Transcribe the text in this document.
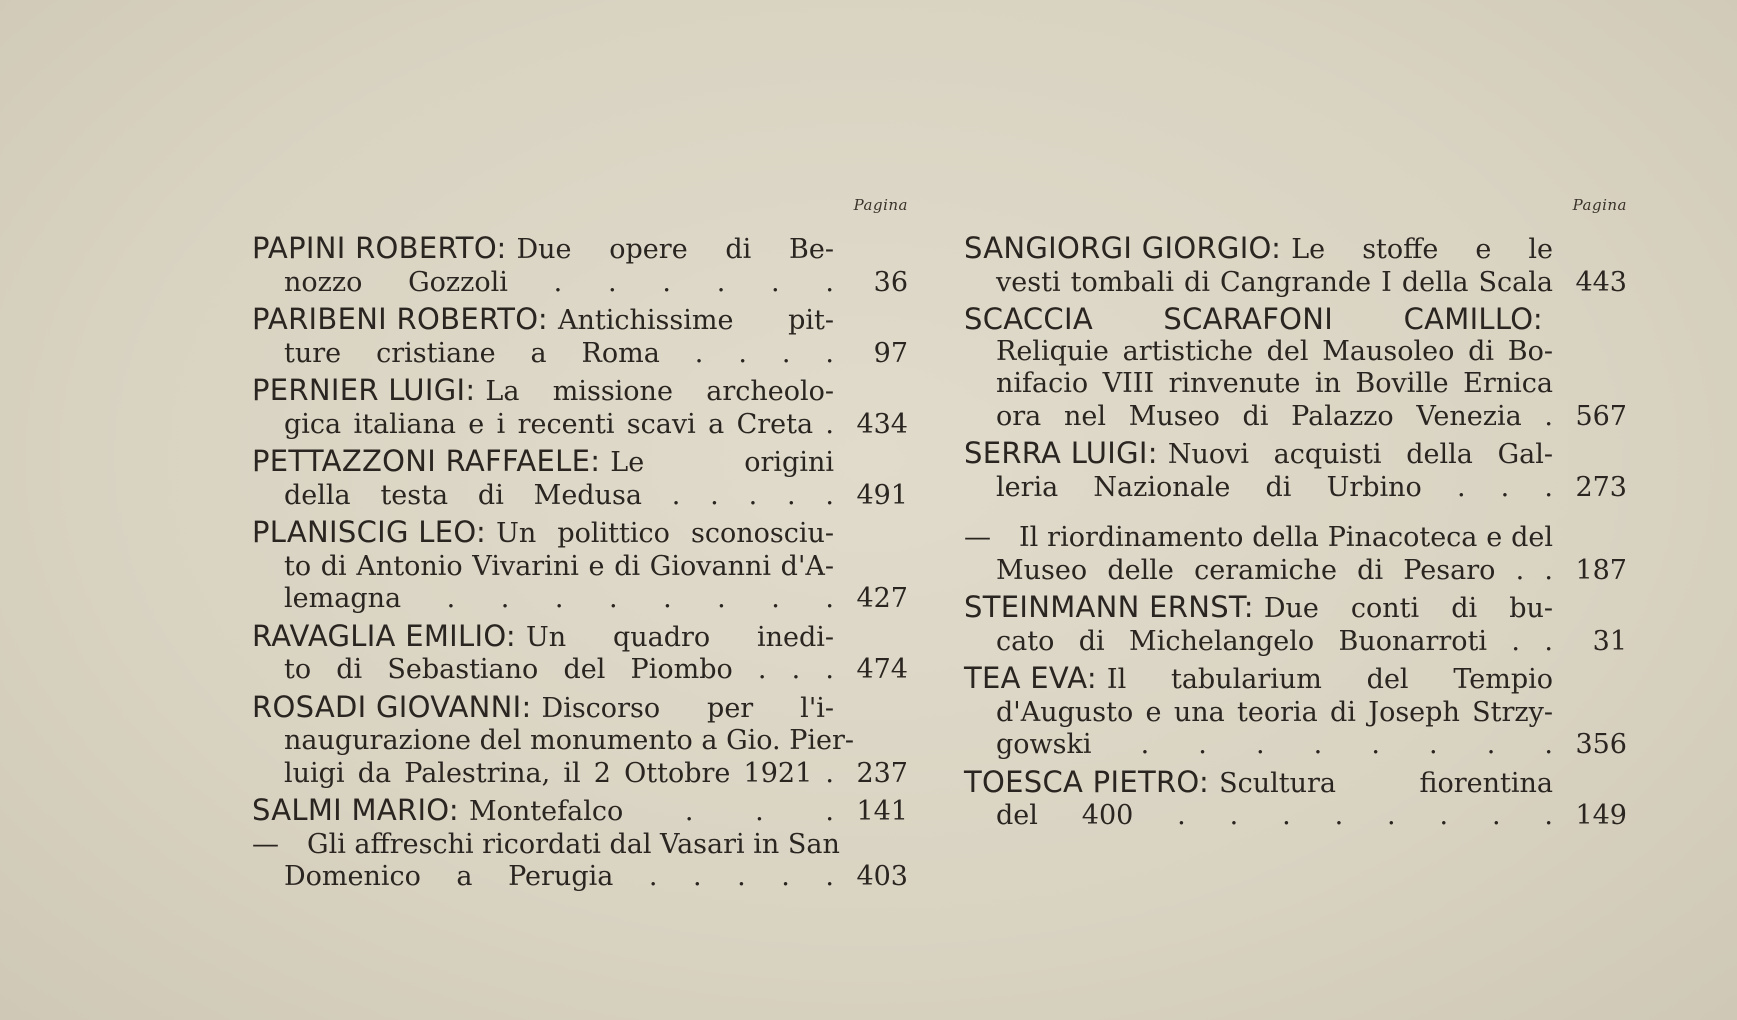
Pagina
PAPINI ROBERTO: Due opere di Be-
nozzo Gozzoli . . . . . .	36
PARIBENI ROBERTO: Antichissime pit-
ture cristiane a Roma . . . .	97
PERNIER LUIGI: La missione archeolo-
gica italiana e i recenti scavi a Creta . 434
PETTAZZONI RAFFAELE: Le origini
della testa di Medusa . . . . . 491
PLANISCIG LEO: Un polittico sconosciu-
to di Antonio Vivarini e di Giovanni d'A-
lemagna . . . . . . . . 427
RAVAGLIA EMILIO: Un quadro inedi-
to di Sebastiano del Piombo . . . 474
ROSADI GIOVANNI: Discorso per l'i-
naugurazione del monumento a Gio. Pier-
luigi da Palestrina, il 2 Ottobre 1921 . 237
SALMI MARIO: Montefalco . . . 141
— Gli affreschi ricordati dal Vasari in San
Domenico a Perugia . . . . . 403
Pagina
SANGIORGI GIORGIO: Le stoffe e le
vesti tombali di Cangrande I della Scala 443
SCACCIA SCARAFONI CAMILLO:
Reliquie artistiche del Mausoleo di Bo-
nifacio VIII rinvenute in Boville Ernica
ora nel Museo di Palazzo Venezia . 567
SERRA LUIGI: Nuovi acquisti della Gal-
leria Nazionale di Urbino . . . 273
— Il riordinamento della Pinacoteca e del
Museo delle ceramiche di Pesaro . . 187
STEINMANN ERNST: Due conti di bu-
cato di Michelangelo Buonarroti . .	31
TEA EVA: Il tabularium del Tempio
d'Augusto e una teoria di Joseph Strzy-
gowski . . . . . . . . 356
TOESCA PIETRO: Scultura fiorentina
del 400 . . . . . . . . 149
